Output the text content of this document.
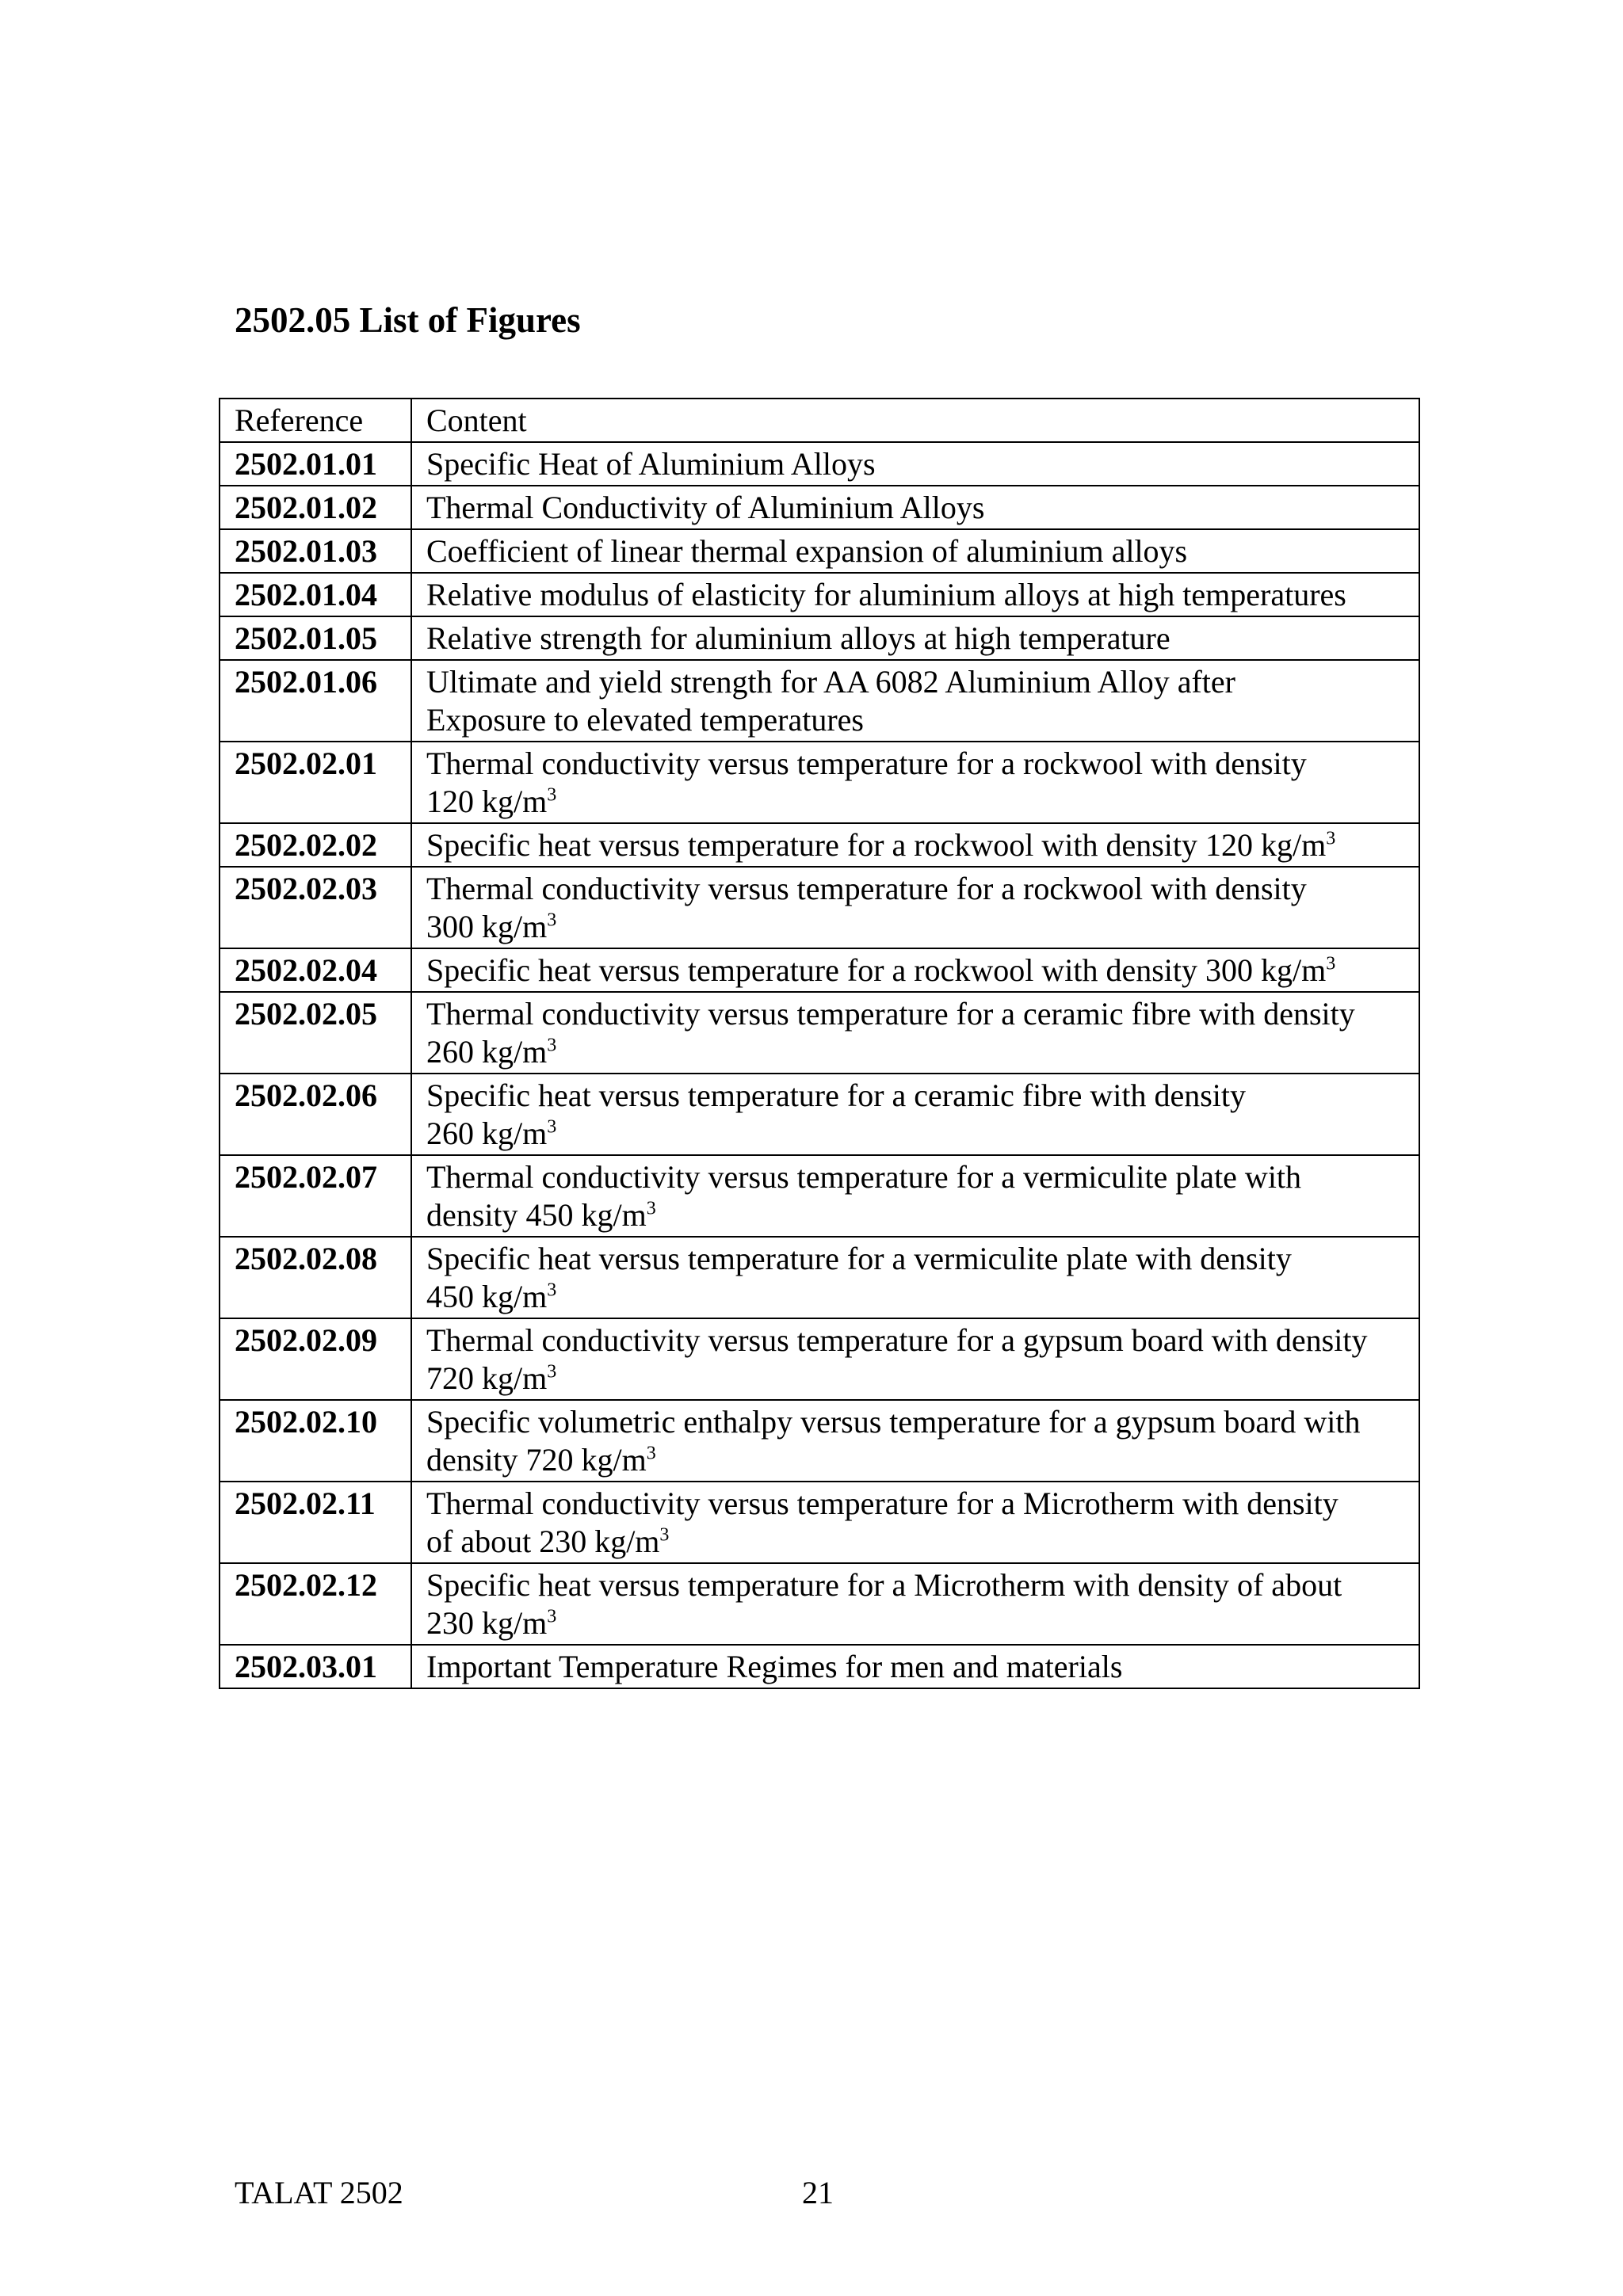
2502.05 List of Figures
Reference	Content
2502.01.01	Specific Heat of Aluminium Alloys
2502.01.02	Thermal Conductivity of Aluminium Alloys
2502.01.03	Coefficient of linear thermal expansion of aluminium alloys
2502.01.04	Relative modulus of elasticity for aluminium alloys at high temperatures
2502.01.05	Relative strength for aluminium alloys at high temperature
2502.01.06	Ultimate and yield strength for AA 6082 Aluminium Alloy after
Exposure to elevated temperatures
2502.02.01	Thermal conductivity versus temperature for a rockwool with density
120 $kg/m^3$
2502.02.02	Specific heat versus temperature for a rockwool with density 120 $kg/m^3$
2502.02.03	Thermal conductivity versus temperature for a rockwool with density
300 $kg/m^3$
2502.02.04	Specific heat versus temperature for a rockwool with density 300 $kg/m^3$
2502.02.05	Thermal conductivity versus temperature for a ceramic fibre with density
260 $kg/m^3$
2502.02.06	Specific heat versus temperature for a ceramic fibre with density
260 $kg/m^3$
2502.02.07	Thermal conductivity versus temperature for a vermiculite plate with
density 450 $kg/m^3$
2502.02.08	Specific heat versus temperature for a vermiculite plate with density
450 $kg/m^3$
2502.02.09	Thermal conductivity versus temperature for a gypsum board with density
720 $kg/m^3$
2502.02.10	Specific volumetric enthalpy versus temperature for a gypsum board with
density 720 $kg/m^3$
2502.02.11	Thermal conductivity versus temperature for a Microtherm with density
of about 230 $kg/m^3$
2502.02.12	Specific heat versus temperature for a Microtherm with density of about
230 $kg/m^3$
2502.03.01	Important Temperature Regimes for men and materials
TALAT 2502	21
